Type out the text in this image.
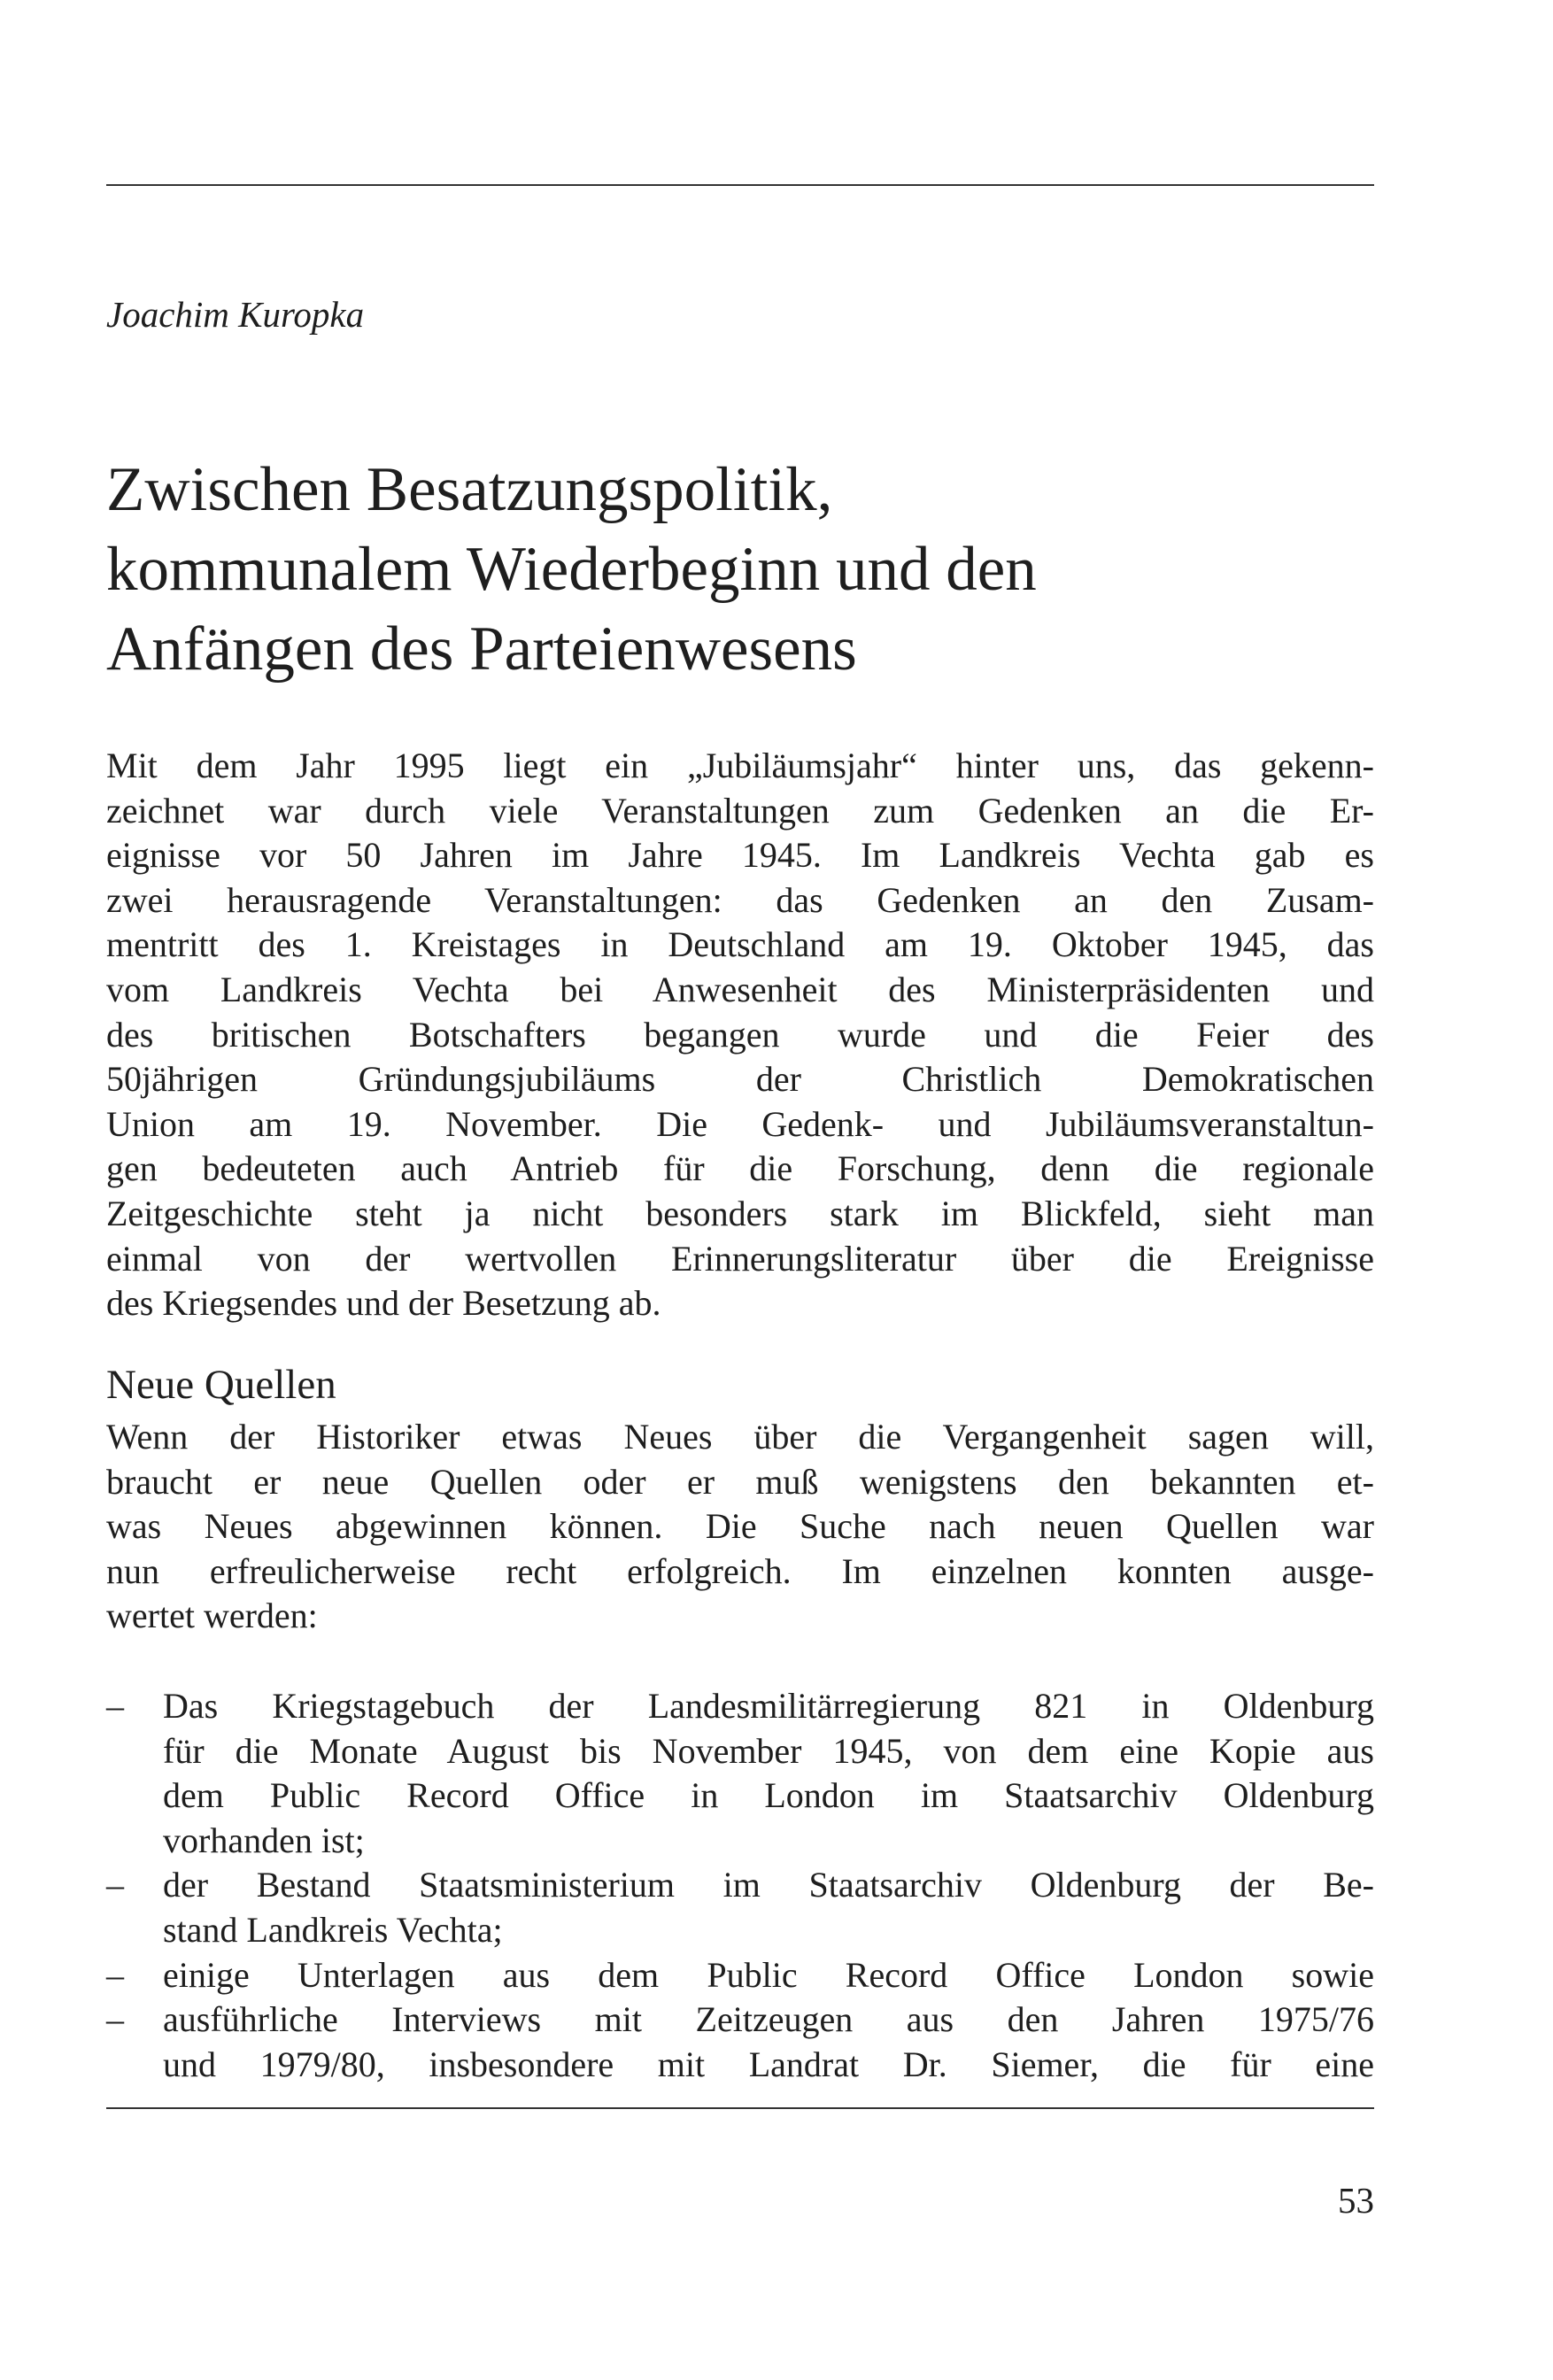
Joachim Kuropka

Zwischen Besatzungspolitik,
kommunalem Wiederbeginn und den
Anfängen des Parteienwesens

Mit dem Jahr 1995 liegt ein „Jubiläumsjahr“ hinter uns, das gekenn-
zeichnet war durch viele Veranstaltungen zum Gedenken an die Er-
eignisse vor 50 Jahren im Jahre 1945. Im Landkreis Vechta gab es
zwei herausragende Veranstaltungen: das Gedenken an den Zusam-
mentritt des 1. Kreistages in Deutschland am 19. Oktober 1945, das
vom Landkreis Vechta bei Anwesenheit des Ministerpräsidenten und
des britischen Botschafters begangen wurde und die Feier des
50jährigen Gründungsjubiläums der Christlich Demokratischen
Union am 19. November. Die Gedenk- und Jubiläumsveranstaltun-
gen bedeuteten auch Antrieb für die Forschung, denn die regionale
Zeitgeschichte steht ja nicht besonders stark im Blickfeld, sieht man
einmal von der wertvollen Erinnerungsliteratur über die Ereignisse
des Kriegsendes und der Besetzung ab.

Neue Quellen

Wenn der Historiker etwas Neues über die Vergangenheit sagen will,
braucht er neue Quellen oder er muß wenigstens den bekannten et-
was Neues abgewinnen können. Die Suche nach neuen Quellen war
nun erfreulicherweise recht erfolgreich. Im einzelnen konnten ausge-
wertet werden:

– Das Kriegstagebuch der Landesmilitärregierung 821 in Oldenburg
für die Monate August bis November 1945, von dem eine Kopie aus
dem Public Record Office in London im Staatsarchiv Oldenburg
vorhanden ist;
– der Bestand Staatsministerium im Staatsarchiv Oldenburg der Be-
stand Landkreis Vechta;
– einige Unterlagen aus dem Public Record Office London sowie
– ausführliche Interviews mit Zeitzeugen aus den Jahren 1975/76
und 1979/80, insbesondere mit Landrat Dr. Siemer, die für eine

53
